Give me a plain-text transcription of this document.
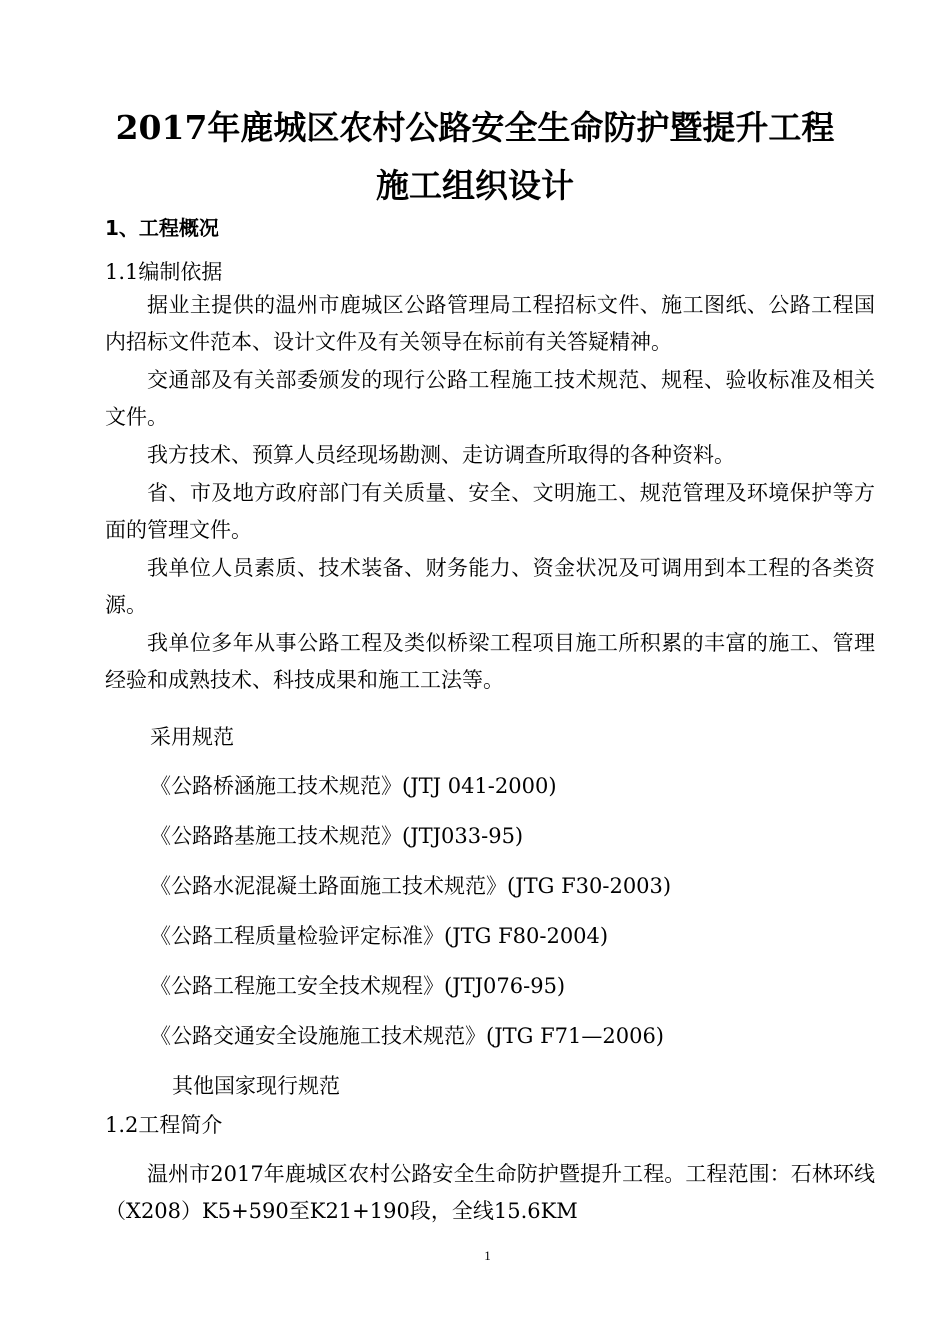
2017年鹿城区农村公路安全生命防护暨提升工程
施工组织设计
1、工程概况
1.1编制依据
据业主提供的温州市鹿城区公路管理局工程招标文件、施工图纸、公路工程国内招标文件范本、设计文件及有关领导在标前有关答疑精神。
交通部及有关部委颁发的现行公路工程施工技术规范、规程、验收标准及相关文件。
我方技术、预算人员经现场勘测、走访调查所取得的各种资料。
省、市及地方政府部门有关质量、安全、文明施工、规范管理及环境保护等方面的管理文件。
我单位人员素质、技术装备、财务能力、资金状况及可调用到本工程的各类资源。
我单位多年从事公路工程及类似桥梁工程项目施工所积累的丰富的施工、管理经验和成熟技术、科技成果和施工工法等。
采用规范
《公路桥涵施工技术规范》(JTJ 041-2000)
《公路路基施工技术规范》(JTJ033-95)
《公路水泥混凝土路面施工技术规范》(JTG F30-2003)
《公路工程质量检验评定标准》(JTG F80-2004)
《公路工程施工安全技术规程》(JTJ076-95)
《公路交通安全设施施工技术规范》(JTG F71—2006)
其他国家现行规范
1.2工程简介
温州市2017年鹿城区农村公路安全生命防护暨提升工程。工程范围：石林环线（X208）K5+590至K21+190段，全线15.6KM
1
